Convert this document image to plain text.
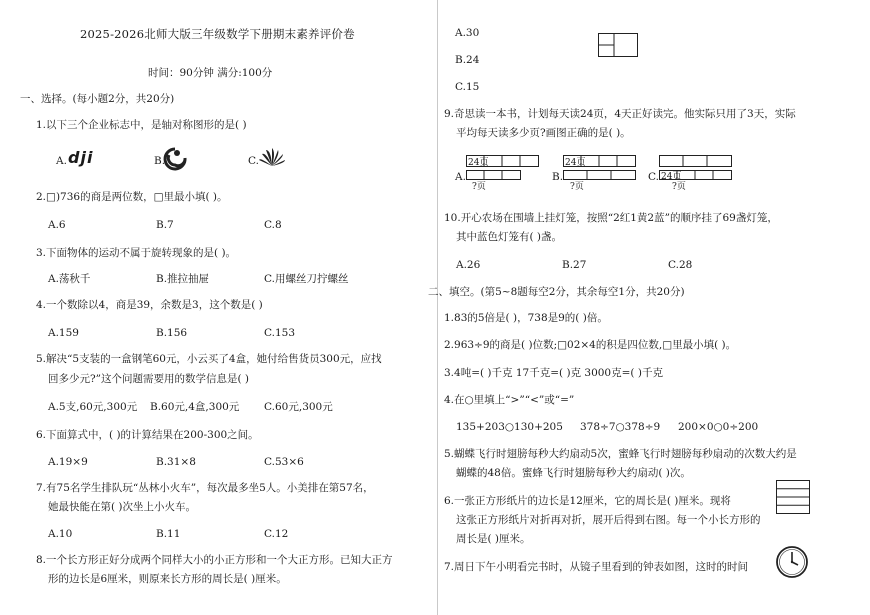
2025-2026北师大版三年级数学下册期末素养评价卷
时间：90分钟 满分:100分
一、选择。(每小题2分，共20分)
1.以下三个企业标志中，是轴对称图形的是( )
A. dji	B.	C.
2.□)736的商是两位数，□里最小填( )。
A.6	B.7	C.8
3.下面物体的运动不属于旋转现象的是( )。
A.荡秋千	B.推拉抽屉	C.用螺丝刀拧螺丝
4.一个数除以4，商是39，余数是3，这个数是( )
A.159	B.156	C.153
5.解决“5支装的一盒钢笔60元，小云买了4盒，她付给售货员300元，应找
回多少元?”这个问题需要用的数学信息是( )
A.5支,60元,300元 B.60元,4盒,300元 C.60元,300元
6.下面算式中，( )的计算结果在200-300之间。
A.19×9	B.31×8	C.53×6
7.有75名学生排队玩“丛林小火车”，每次最多坐5人。小美排在第57名，
她最快能在第( )次坐上小火车。
A.10	B.11	C.12
8.一个长方形正好分成两个同样大小的小正方形和一个大正方形。已知大正方
形的边长是6厘米，则原来长方形的周长是( )厘米。
A.30
B.24
C.15
9.奇思读一本书，计划每天读24页，4天正好读完。他实际只用了3天，实际
平均每天读多少页?画图正确的是( )。
24页
?页
A.
24页
?页
B.	24页
?页
C.
10.开心农场在围墙上挂灯笼，按照“2红1黄2蓝”的顺序挂了69盏灯笼，
其中蓝色灯笼有( )盏。
A.26	B.27	C.28
二、填空。(第5~8题每空2分，其余每空1分，共20分)
1.83的5倍是( )，738是9的( )倍。
2.963÷9的商是( )位数;□02×4的积是四位数,□里最小填( )。
3.4吨=( )千克 17千克=( )克 3000克=( )千克
4.在○里填上“>”“<”或“=”
135+203○130+205 378÷7○378÷9 200×0○0÷200
5.蝴蝶飞行时翅膀每秒大约扇动5次，蜜蜂飞行时翅膀每秒扇动的次数大约是
蝴蝶的48倍。蜜蜂飞行时翅膀每秒大约扇动( )次。
6.一张正方形纸片的边长是12厘米，它的周长是( )厘米。现将
这张正方形纸片对折再对折，展开后得到右图。每一个小长方形的
周长是( )厘米。
7.周日下午小明看完书时，从镜子里看到的钟表如图，这时的时间
